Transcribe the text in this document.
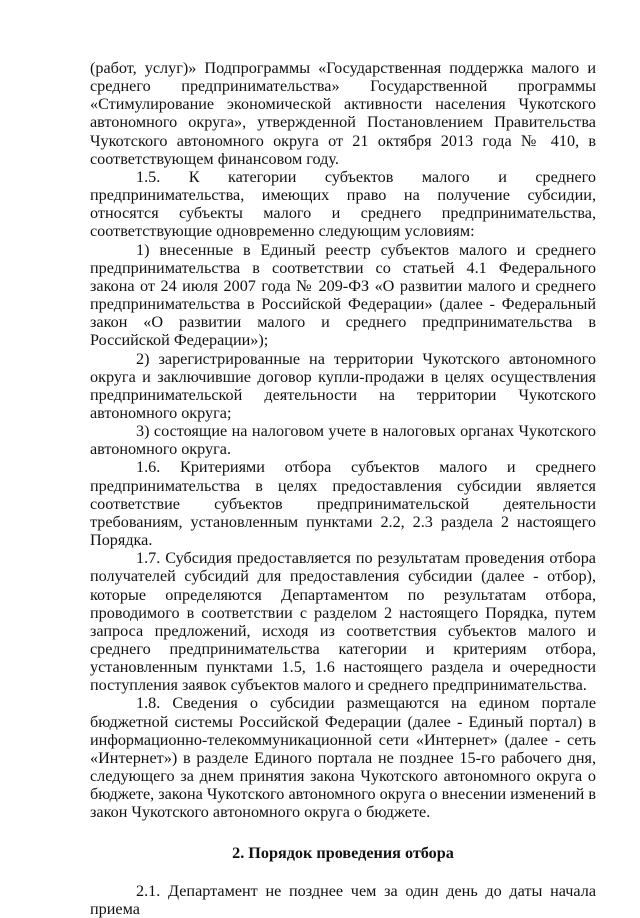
(работ, услуг)» Подпрограммы «Государственная поддержка малого и среднего предпринимательства» Государственной программы «Стимулирование экономической активности населения Чукотского автономного округа», утвержденной Постановлением Правительства Чукотского автономного округа от 21 октября 2013 года № 410, в соответствующем финансовом году.

1.5. К категории субъектов малого и среднего предпринимательства, имеющих право на получение субсидии, относятся субъекты малого и среднего предпринимательства, соответствующие одновременно следующим условиям:

1) внесенные в Единый реестр субъектов малого и среднего предпринимательства в соответствии со статьей 4.1 Федерального закона от 24 июля 2007 года № 209-ФЗ «О развитии малого и среднего предпринимательства в Российской Федерации» (далее - Федеральный закон «О развитии малого и среднего предпринимательства в Российской Федерации»);

2) зарегистрированные на территории Чукотского автономного округа и заключившие договор купли-продажи в целях осуществления предпринимательской деятельности на территории Чукотского автономного округа;

3) состоящие на налоговом учете в налоговых органах Чукотского автономного округа.

1.6. Критериями отбора субъектов малого и среднего предпринимательства в целях предоставления субсидии является соответствие субъектов предпринимательской деятельности требованиям, установленным пунктами 2.2, 2.3 раздела 2 настоящего Порядка.

1.7. Субсидия предоставляется по результатам проведения отбора получателей субсидий для предоставления субсидии (далее - отбор), которые определяются Департаментом по результатам отбора, проводимого в соответствии с разделом 2 настоящего Порядка, путем запроса предложений, исходя из соответствия субъектов малого и среднего предпринимательства категории и критериям отбора, установленным пунктами 1.5, 1.6 настоящего раздела и очередности поступления заявок субъектов малого и среднего предпринимательства.

1.8. Сведения о субсидии размещаются на едином портале бюджетной системы Российской Федерации (далее - Единый портал) в информационно-телекоммуникационной сети «Интернет» (далее - сеть «Интернет») в разделе Единого портала не позднее 15-го рабочего дня, следующего за днем принятия закона Чукотского автономного округа о бюджете, закона Чукотского автономного округа о внесении изменений в закон Чукотского автономного округа о бюджете.

2. Порядок проведения отбора

2.1. Департамент не позднее чем за один день до даты начала приема
